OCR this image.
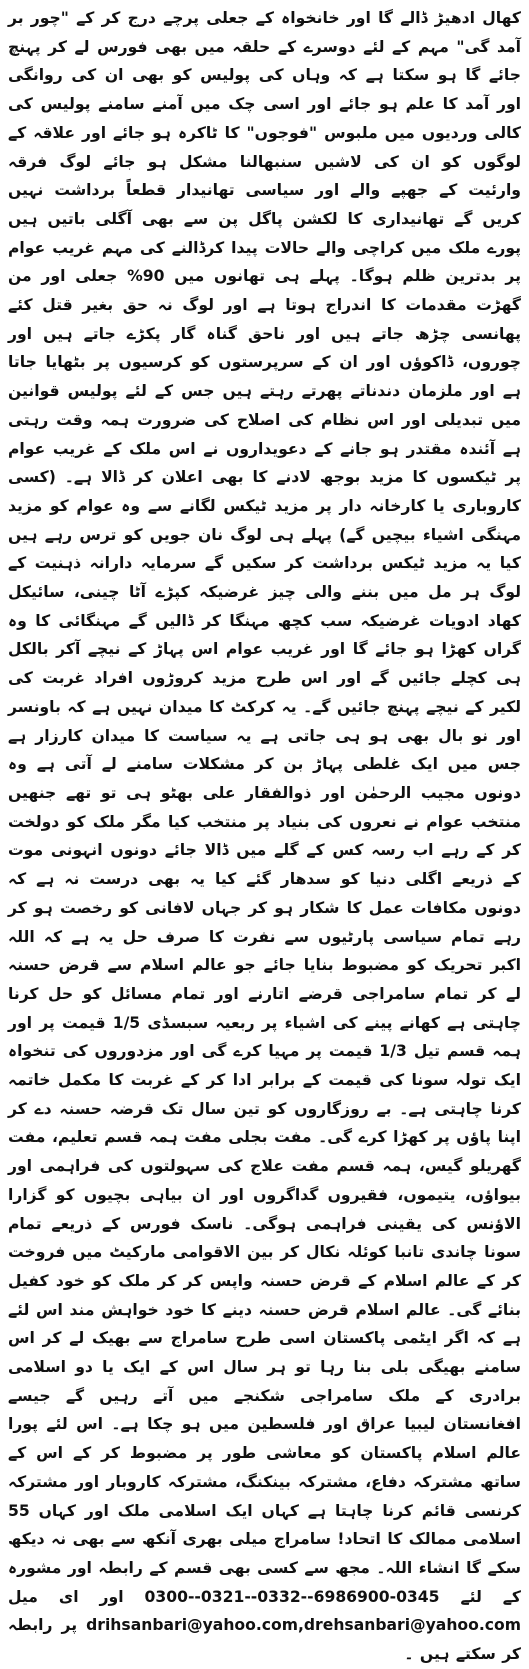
کھال ادھیڑ ڈالے گا اور خانخواہ کے جعلی پرچے درج کر کے "چور بر آمد گی" مہم کے لئے دوسرے کے حلقہ میں بھی فورس لے کر پہنچ جائے گا ہو سکتا ہے کہ وہاں کی پولیس کو بھی ان کی روانگی اور آمد کا علم ہو جائے اور اسی چک میں آمنے سامنے پولیس کی کالی وردیوں میں ملبوس "فوجوں" کا ٹاکرہ ہو جائے اور علاقہ کے لوگوں کو ان کی لاشیں سنبھالنا مشکل ہو جائے لوگ فرقہ وارئیت کے جھپے والے اور سیاسی تھانیدار قطعاً برداشت نہیں کریں گے تھانیداری کا لکشن پاگل پن سے بھی آگلی باتیں ہیں پورے ملک میں کراچی والے حالات پیدا کرڈالنے کی مہم غریب عوام پر بدترین ظلم ہوگا۔ پہلے ہی تھانوں میں 90% جعلی اور من گھڑت مقدمات کا اندراج ہوتا ہے اور لوگ نہ حق بغیر قتل کئے پھانسی چڑھ جاتے ہیں اور ناحق گناہ گار پکڑے جاتے ہیں اور چوروں، ڈاکوؤں اور ان کے سرپرستوں کو کرسیوں پر بٹھایا جاتا ہے اور ملزمان دندناتے پھرتے رہتے ہیں جس کے لئے پولیس قوانین میں تبدیلی اور اس نظام کی اصلاح کی ضرورت ہمہ وقت رہتی ہے آئندہ مقتدر ہو جانے کے دعویداروں نے اس ملک کے غریب عوام پر ٹیکسوں کا مزید بوجھ لادنے کا بھی اعلان کر ڈالا ہے۔ (کسی کاروباری یا کارخانہ دار پر مزید ٹیکس لگانے سے وہ عوام کو مزید مہنگی اشیاء بیچیں گے) پہلے ہی لوگ نان جویں کو ترس رہے ہیں کیا یہ مزید ٹیکس برداشت کر سکیں گے سرمایہ دارانہ ذہنیت کے لوگ ہر مل میں بننے والی چیز غرضیکہ کپڑے آٹا چینی، سائیکل کھاد ادویات غرضیکہ سب کچھ مہنگا کر ڈالیں گے مہنگائی کا وہ گراں کھڑا ہو جائے گا اور غریب عوام اس پہاڑ کے نیچے آکر بالکل ہی کچلے جائیں گے اور اس طرح مزید کروڑوں افراد غربت کی لکیر کے نیچے پہنچ جائیں گے۔ یہ کرکٹ کا میدان نہیں ہے کہ باونسر اور نو بال بھی ہو ہی جاتی ہے یہ سیاست کا میدان کارزار ہے جس میں ایک غلطی پہاڑ بن کر مشکلات سامنے لے آتی ہے وہ دونوں مجیب الرحمٰن اور ذوالفقار علی بھٹو ہی تو تھے جنھیں منتخب عوام نے نعروں کی بنیاد پر منتخب کیا مگر ملک کو دولخت کر کے رہے اب رسہ کس کے گلے میں ڈالا جائے دونوں انہونی موت کے ذریعے اگلی دنیا کو سدھار گئے کیا یہ بھی درست نہ ہے کہ دونوں مکافات عمل کا شکار ہو کر جہاں لافانی کو رخصت ہو کر رہے تمام سیاسی پارٹیوں سے نفرت کا صرف حل یہ ہے کہ اللہ اکبر تحریک کو مضبوط بنایا جائے جو عالم اسلام سے قرض حسنہ لے کر تمام سامراجی قرضے اتارنے اور تمام مسائل کو حل کرنا چاہتی ہے کھانے پینے کی اشیاء پر ربعیہ سبسڈی 1/5 قیمت پر اور ہمہ قسم تیل 1/3 قیمت پر مہیا کرے گی اور مزدوروں کی تنخواہ ایک تولہ سونا کی قیمت کے برابر ادا کر کے غربت کا مکمل خاتمہ کرنا چاہتی ہے۔ بے روزگاروں کو تین سال تک قرضہ حسنہ دے کر اپنا پاؤں پر کھڑا کرے گی۔ مفت بجلی مفت ہمہ قسم تعلیم، مفت گھریلو گیس، ہمہ قسم مفت علاج کی سہولتوں کی فراہمی اور بیواؤں، یتیموں، فقیروں گداگروں اور ان بیاہی بچیوں کو گزارا الاؤنس کی یقینی فراہمی ہوگی۔ ناسک فورس کے ذریعے تمام سونا چاندی تانبا کوئلہ نکال کر بین الاقوامی مارکیٹ میں فروخت کر کے عالم اسلام کے قرض حسنہ واپس کر کر ملک کو خود کفیل بنائے گی۔ عالم اسلام قرض حسنہ دینے کا خود خواہش مند اس لئے ہے کہ اگر ایٹمی پاکستان اسی طرح سامراج سے بھیک لے کر اس سامنے بھیگی بلی بنا رہا تو ہر سال اس کے ایک یا دو اسلامی برادری کے ملک سامراجی شکنجے میں آتے رہیں گے جیسے افغانستان لیبیا عراق اور فلسطین میں ہو چکا ہے۔ اس لئے پورا عالم اسلام پاکستان کو معاشی طور پر مضبوط کر کے اس کے ساتھ مشترکہ دفاع، مشترکہ بینکنگ، مشترکہ کاروبار اور مشترکہ کرنسی قائم کرنا چاہتا ہے کہاں ایک اسلامی ملک اور کہاں 55 اسلامی ممالک کا اتحاد! سامراج میلی بھری آنکھ سے بھی نہ دیکھ سکے گا انشاء اللہ۔ مجھ سے کسی بھی قسم کے رابطہ اور مشورہ کے لئے 0345-6986900--0332--0321--0300 اور ای میل drihsanbari@yahoo.com,drehsanbari@yahoo.com پر رابطہ کر سکتے ہیں ۔
